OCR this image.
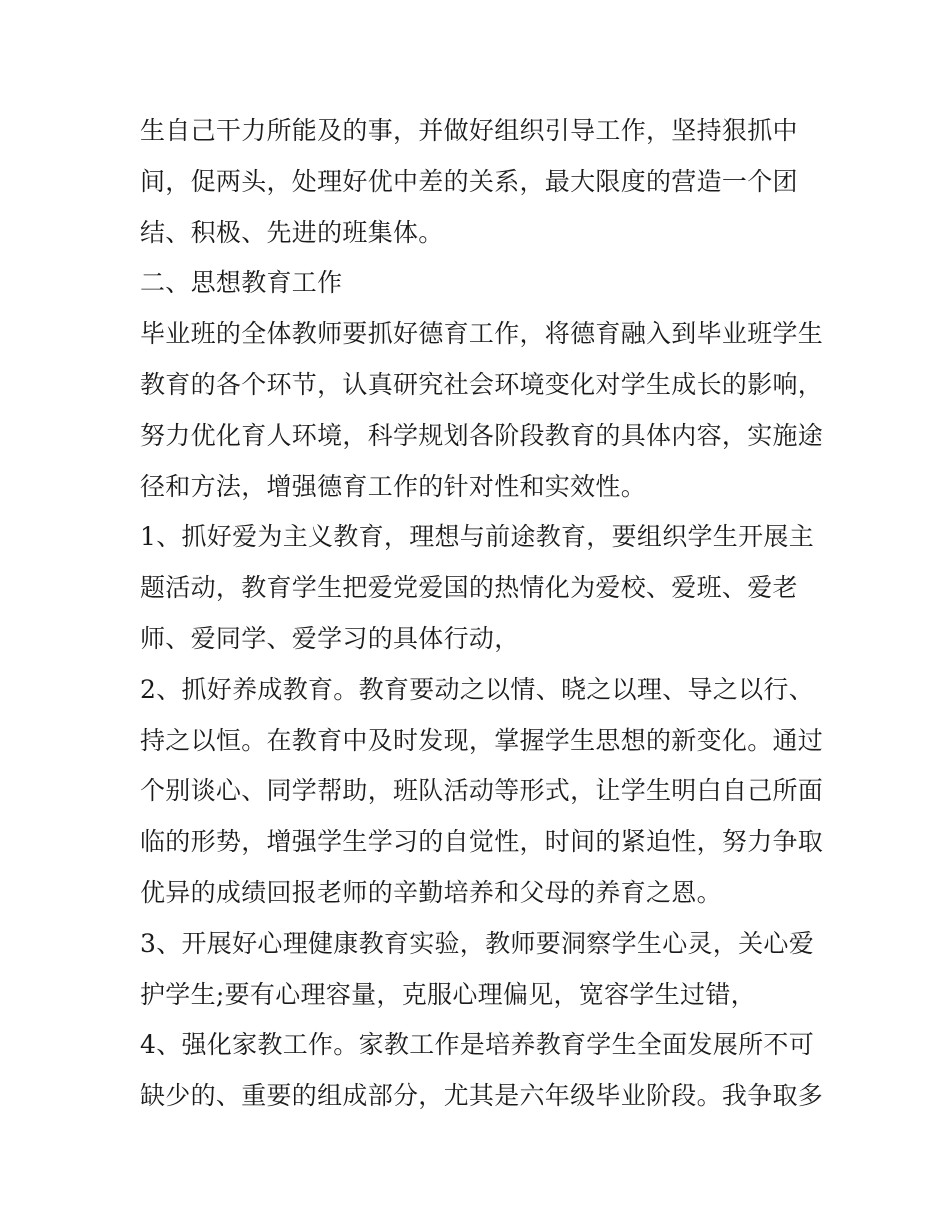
生自己干力所能及的事，并做好组织引导工作，坚持狠抓中
间，促两头，处理好优中差的关系，最大限度的营造一个团
结、积极、先进的班集体。
二、思想教育工作
毕业班的全体教师要抓好德育工作，将德育融入到毕业班学生
教育的各个环节，认真研究社会环境变化对学生成长的影响，
努力优化育人环境，科学规划各阶段教育的具体内容，实施途
径和方法，增强德育工作的针对性和实效性。
1、抓好爱为主义教育，理想与前途教育，要组织学生开展主
题活动，教育学生把爱党爱国的热情化为爱校、爱班、爱老
师、爱同学、爱学习的具体行动，
2、抓好养成教育。教育要动之以情、晓之以理、导之以行、
持之以恒。在教育中及时发现，掌握学生思想的新变化。通过
个别谈心、同学帮助，班队活动等形式，让学生明白自己所面
临的形势，增强学生学习的自觉性，时间的紧迫性，努力争取
优异的成绩回报老师的辛勤培养和父母的养育之恩。
3、开展好心理健康教育实验，教师要洞察学生心灵，关心爱
护学生;要有心理容量，克服心理偏见，宽容学生过错，
4、强化家教工作。家教工作是培养教育学生全面发展所不可
缺少的、重要的组成部分，尤其是六年级毕业阶段。我争取多
